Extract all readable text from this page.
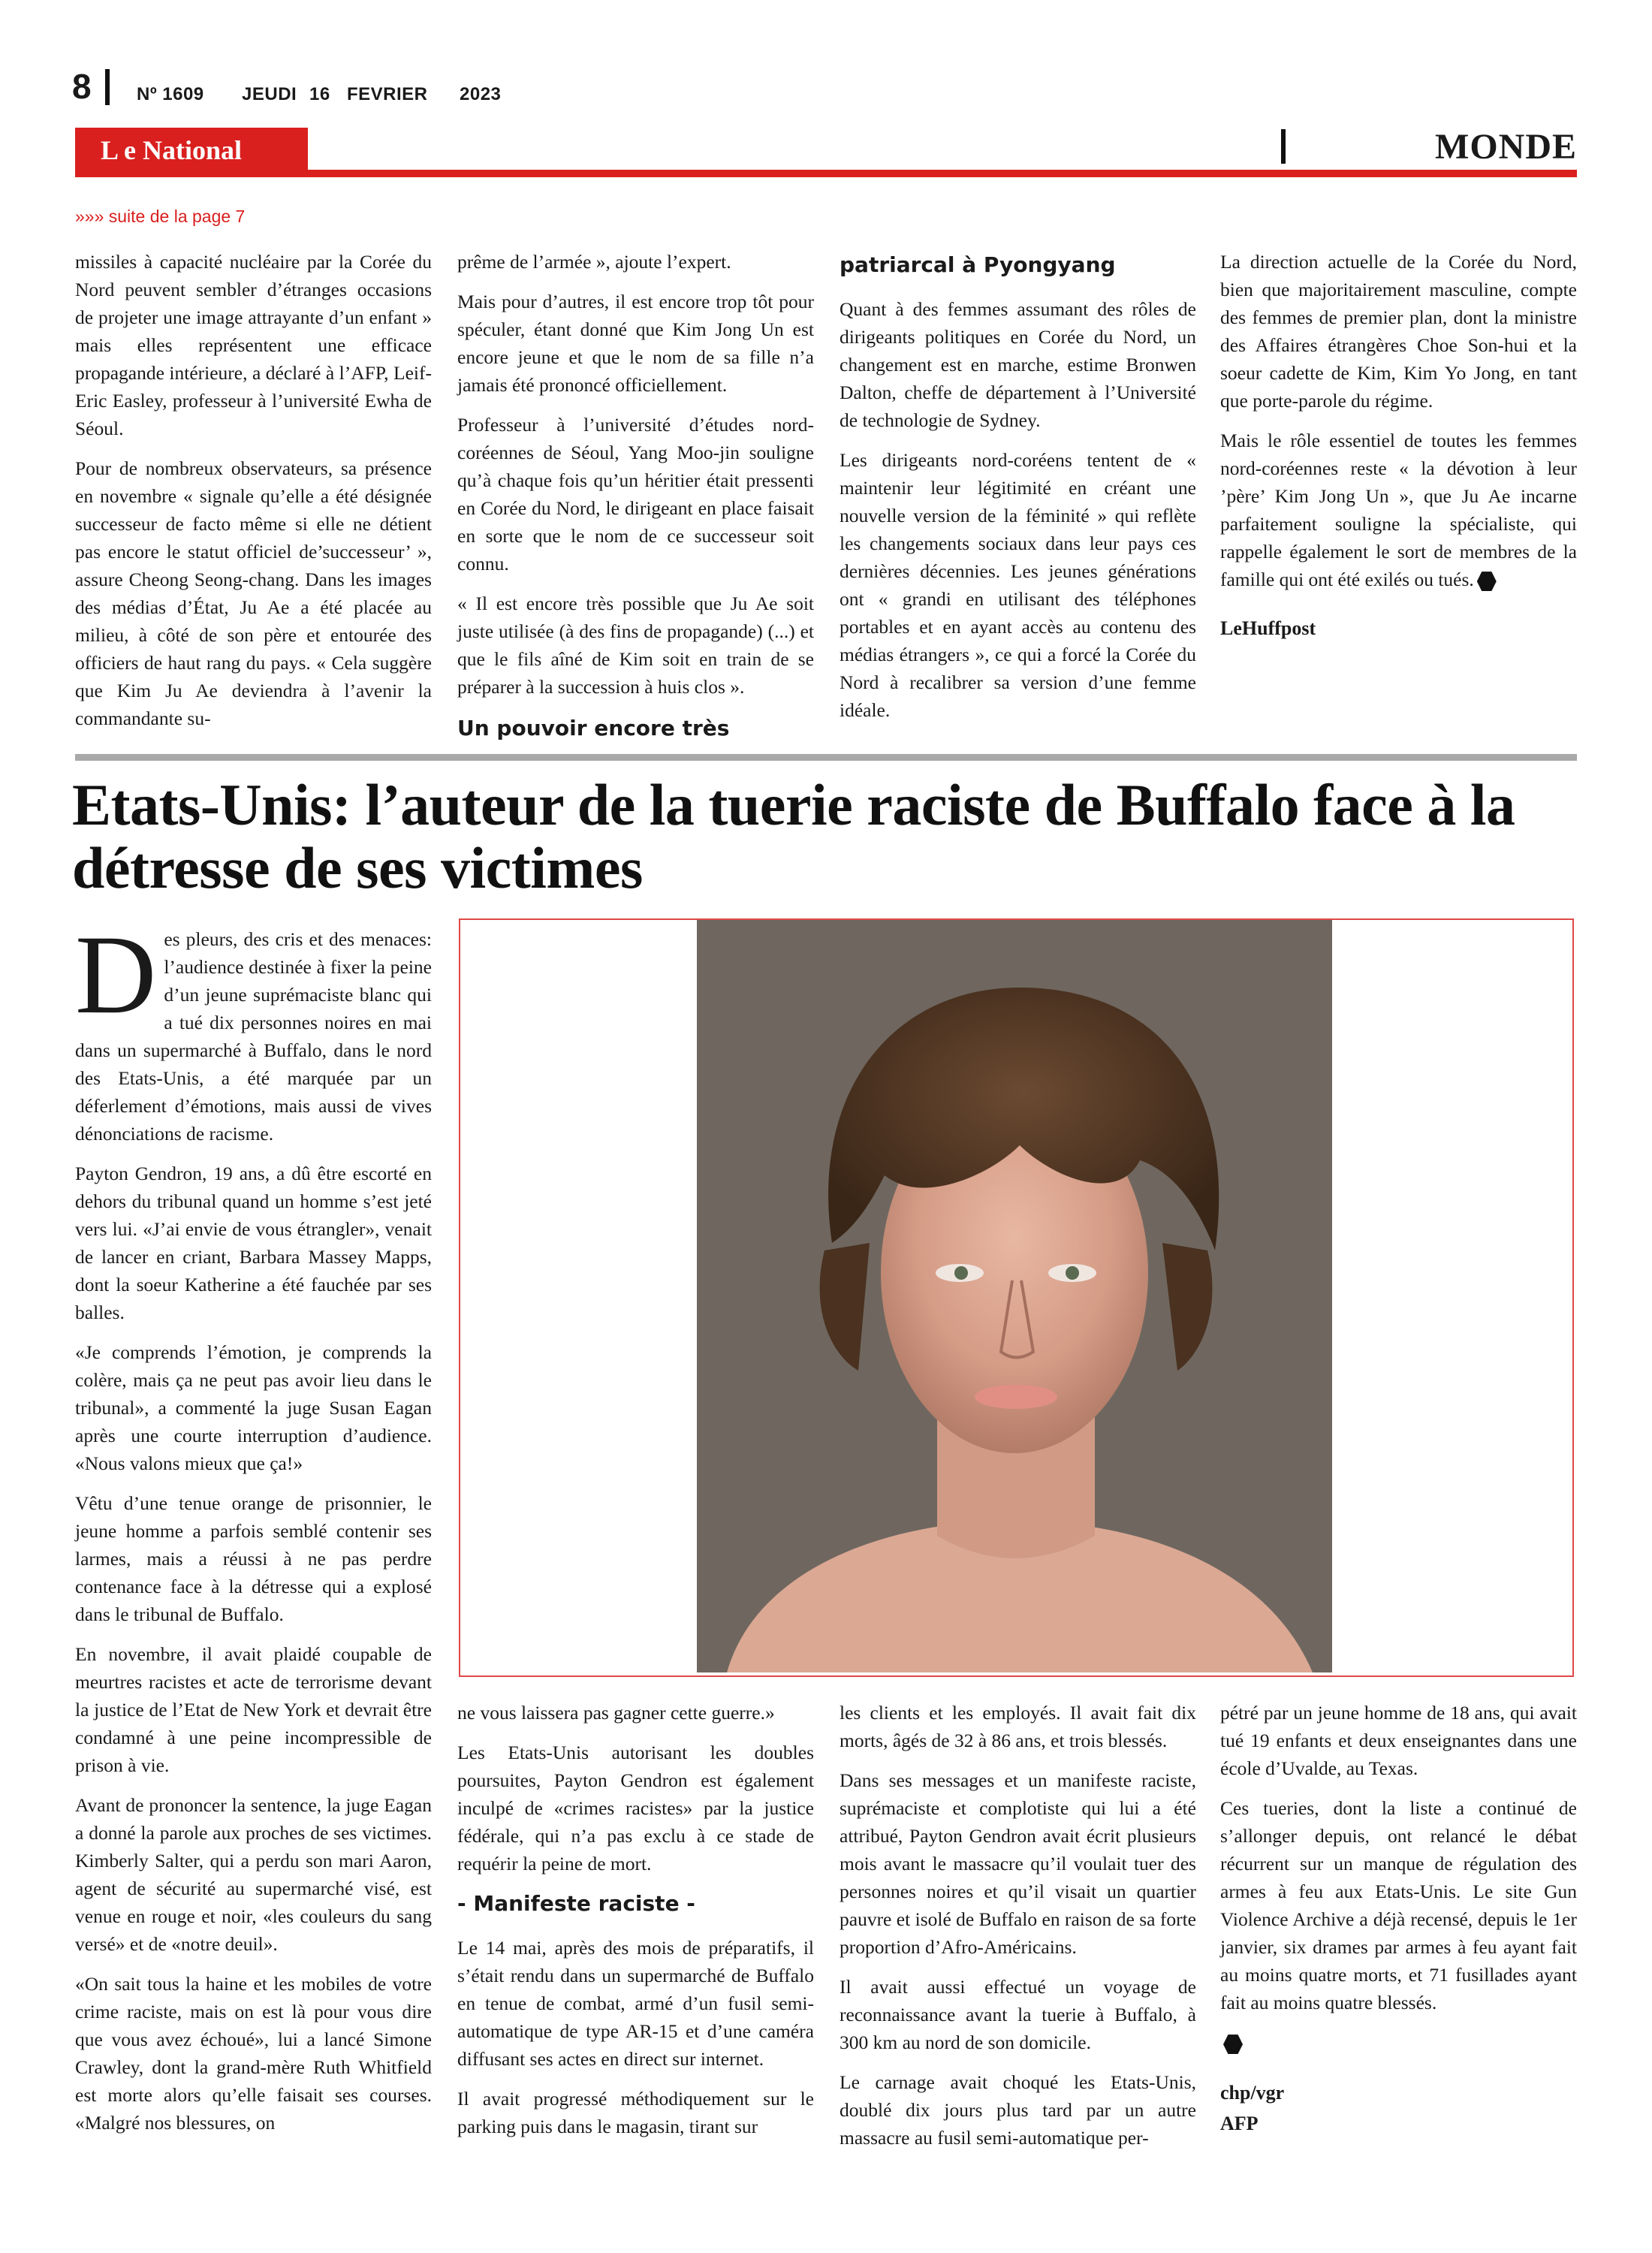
8	Nº 1609 JEUDI 16 FEVRIER 2023
L e National	MONDE
»»» suite de la page 7

missiles à capacité nucléaire par la Corée du Nord peuvent sembler d’étranges occasions de projeter une image attrayante d’un enfant » mais elles représentent une efficace propagande intérieure, a déclaré à l’AFP, Leif-Eric Easley, professeur à l’université Ewha de Séoul.

Pour de nombreux observateurs, sa présence en novembre « signale qu’elle a été désignée successeur de facto même si elle ne détient pas encore le statut officiel de’successeur’ », assure Cheong Seong-chang. Dans les images des médias d’État, Ju Ae a été placée au milieu, à côté de son père et entourée des officiers de haut rang du pays. « Cela suggère que Kim Ju Ae deviendra à l’avenir la commandante su-

prême de l’armée », ajoute l’expert.

Mais pour d’autres, il est encore trop tôt pour spéculer, étant donné que Kim Jong Un est encore jeune et que le nom de sa fille n’a jamais été prononcé officiellement.

Professeur à l’université d’études nord-coréennes de Séoul, Yang Moo-jin souligne qu’à chaque fois qu’un héritier était pressenti en Corée du Nord, le dirigeant en place faisait en sorte que le nom de ce successeur soit connu.

« Il est encore très possible que Ju Ae soit juste utilisée (à des fins de propagande) (...) et que le fils aîné de Kim soit en train de se préparer à la succession à huis clos ».

Un pouvoir encore très
patriarcal à Pyongyang

Quant à des femmes assumant des rôles de dirigeants politiques en Corée du Nord, un changement est en marche, estime Bronwen Dalton, cheffe de département à l’Université de technologie de Sydney.

Les dirigeants nord-coréens tentent de « maintenir leur légitimité en créant une nouvelle version de la féminité » qui reflète les changements sociaux dans leur pays ces dernières décennies. Les jeunes générations ont « grandi en utilisant des téléphones portables et en ayant accès au contenu des médias étrangers », ce qui a forcé la Corée du Nord à recalibrer sa version d’une femme idéale.

La direction actuelle de la Corée du Nord, bien que majoritairement masculine, compte des femmes de premier plan, dont la ministre des Affaires étrangères Choe Son-hui et la soeur cadette de Kim, Kim Yo Jong, en tant que porte-parole du régime.

Mais le rôle essentiel de toutes les femmes nord-coréennes reste « la dévotion à leur ’père’ Kim Jong Un », que Ju Ae incarne parfaitement souligne la spécialiste, qui rappelle également le sort de membres de la famille qui ont été exilés ou tués.

LeHuffpost

Etats-Unis: l’auteur de la tuerie raciste de Buffalo face à la
détresse de ses victimes

Des pleurs, des cris et des menaces: l’audience destinée à fixer la peine d’un jeune suprémaciste blanc qui a tué dix personnes noires en mai dans un supermarché à Buffalo, dans le nord des Etats-Unis, a été marquée par un déferlement d’émotions, mais aussi de vives dénonciations de racisme.

Payton Gendron, 19 ans, a dû être escorté en dehors du tribunal quand un homme s’est jeté vers lui. «J’ai envie de vous étrangler», venait de lancer en criant, Barbara Massey Mapps, dont la soeur Katherine a été fauchée par ses balles.

«Je comprends l’émotion, je comprends la colère, mais ça ne peut pas avoir lieu dans le tribunal», a commenté la juge Susan Eagan après une courte interruption d’audience. «Nous valons mieux que ça!»

Vêtu d’une tenue orange de prisonnier, le jeune homme a parfois semblé contenir ses larmes, mais a réussi à ne pas perdre contenance face à la détresse qui a explosé dans le tribunal de Buffalo.

En novembre, il avait plaidé coupable de meurtres racistes et acte de terrorisme devant la justice de l’Etat de New York et devrait être condamné à une peine incompressible de prison à vie.

Avant de prononcer la sentence, la juge Eagan a donné la parole aux proches de ses victimes. Kimberly Salter, qui a perdu son mari Aaron, agent de sécurité au supermarché visé, est venue en rouge et noir, «les couleurs du sang versé» et de «notre deuil».

«On sait tous la haine et les mobiles de votre crime raciste, mais on est là pour vous dire que vous avez échoué», lui a lancé Simone Crawley, dont la grand-mère Ruth Whitfield est morte alors qu’elle faisait ses courses. «Malgré nos blessures, on

ne vous laissera pas gagner cette guerre.»

Les Etats-Unis autorisant les doubles poursuites, Payton Gendron est également inculpé de «crimes racistes» par la justice fédérale, qui n’a pas exclu à ce stade de requérir la peine de mort.

- Manifeste raciste -

Le 14 mai, après des mois de préparatifs, il s’était rendu dans un supermarché de Buffalo en tenue de combat, armé d’un fusil semi-automatique de type AR-15 et d’une caméra diffusant ses actes en direct sur internet.

Il avait progressé méthodiquement sur le parking puis dans le magasin, tirant sur

les clients et les employés. Il avait fait dix morts, âgés de 32 à 86 ans, et trois blessés.

Dans ses messages et un manifeste raciste, suprémaciste et complotiste qui lui a été attribué, Payton Gendron avait écrit plusieurs mois avant le massacre qu’il voulait tuer des personnes noires et qu’il visait un quartier pauvre et isolé de Buffalo en raison de sa forte proportion d’Afro-Américains.

Il avait aussi effectué un voyage de reconnaissance avant la tuerie à Buffalo, à 300 km au nord de son domicile.

Le carnage avait choqué les Etats-Unis, doublé dix jours plus tard par un autre massacre au fusil semi-automatique per-

pétré par un jeune homme de 18 ans, qui avait tué 19 enfants et deux enseignantes dans une école d’Uvalde, au Texas.

Ces tueries, dont la liste a continué de s’allonger depuis, ont relancé le débat récurrent sur un manque de régulation des armes à feu aux Etats-Unis. Le site Gun Violence Archive a déjà recensé, depuis le 1er janvier, six drames par armes à feu ayant fait au moins quatre morts, et 71 fusillades ayant fait au moins quatre blessés.

chp/vgr

AFP
